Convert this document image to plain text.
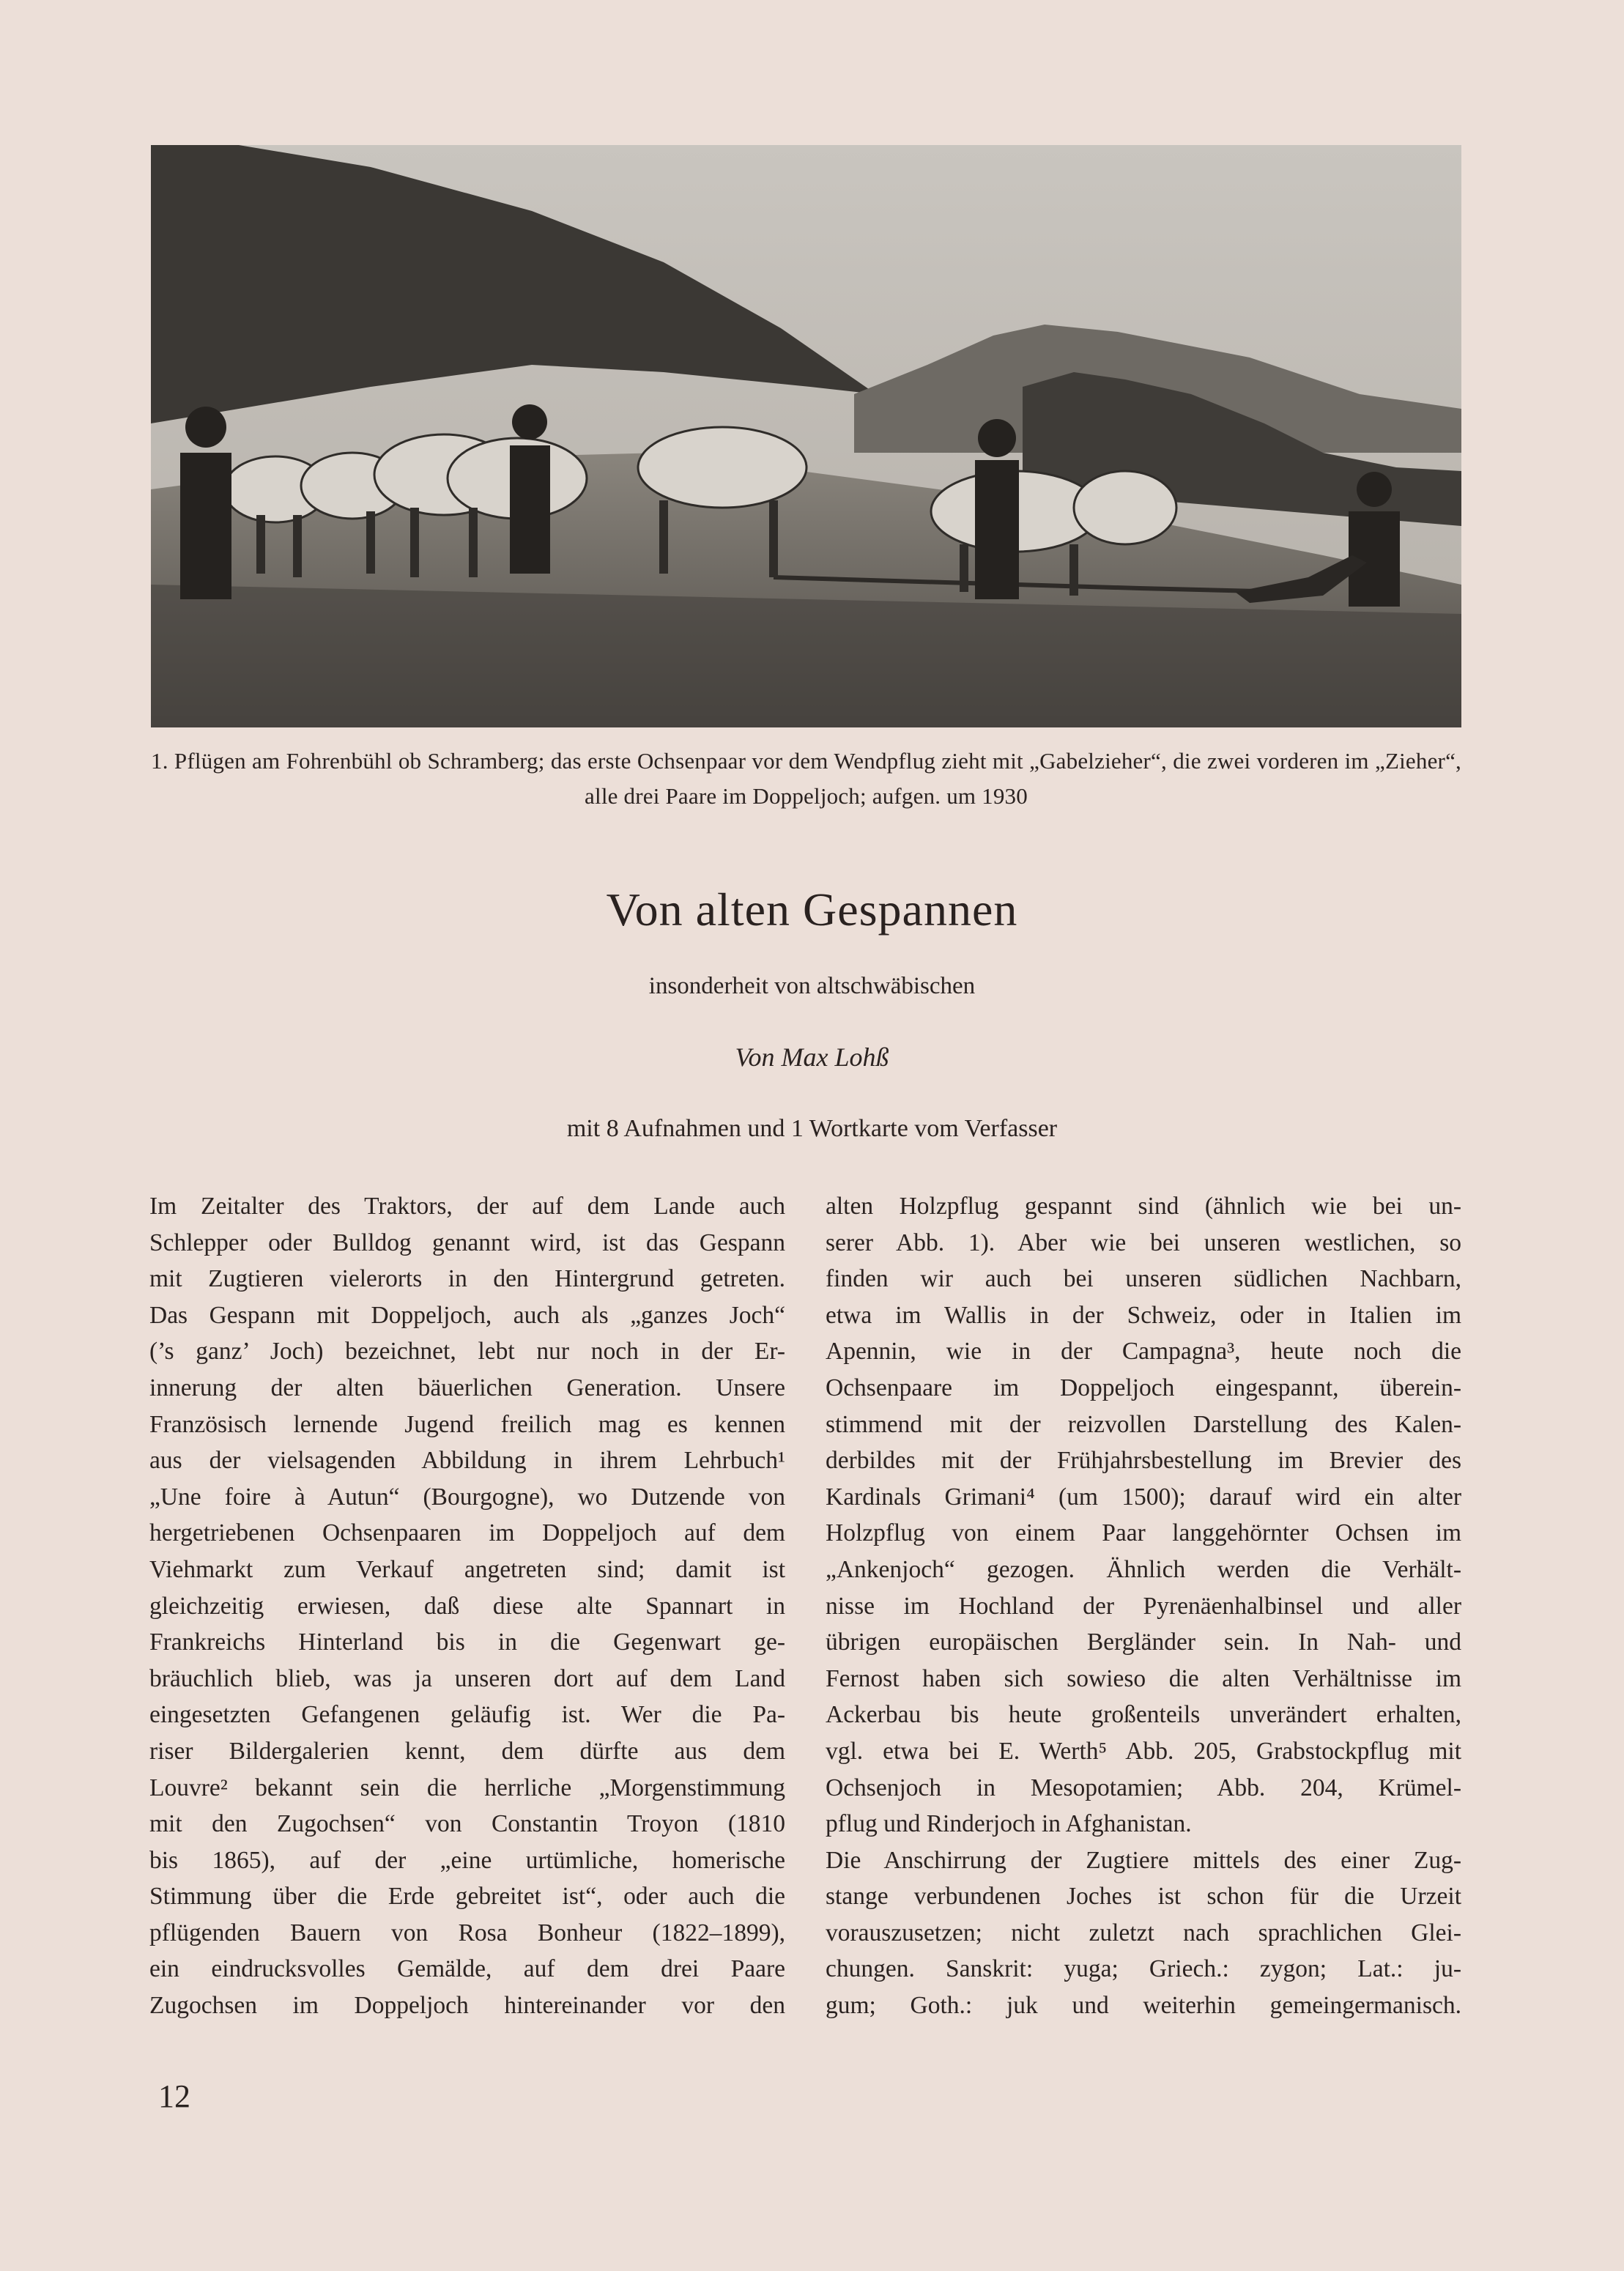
1. Pflügen am Fohrenbühl ob Schramberg; das erste Ochsenpaar vor dem Wendpflug zieht mit „Gabelzieher“, die zwei vorderen im „Zieher“, alle drei Paare im Doppeljoch; aufgen. um 1930
Von alten Gespannen
insonderheit von altschwäbischen
Von Max Lohß
mit 8 Aufnahmen und 1 Wortkarte vom Verfasser
Im Zeitalter des Traktors, der auf dem Lande auch
Schlepper oder Bulldog genannt wird, ist das Gespann
mit Zugtieren vielerorts in den Hintergrund getreten.
Das Gespann mit Doppeljoch, auch als „ganzes Joch“
(’s ganz’ Joch) bezeichnet, lebt nur noch in der Er-
innerung der alten bäuerlichen Generation. Unsere
Französisch lernende Jugend freilich mag es kennen
aus der vielsagenden Abbildung in ihrem Lehrbuch¹
„Une foire à Autun“ (Bourgogne), wo Dutzende von
hergetriebenen Ochsenpaaren im Doppeljoch auf dem
Viehmarkt zum Verkauf angetreten sind; damit ist
gleichzeitig erwiesen, daß diese alte Spannart in
Frankreichs Hinterland bis in die Gegenwart ge-
bräuchlich blieb, was ja unseren dort auf dem Land
eingesetzten Gefangenen geläufig ist. Wer die Pa-
riser Bildergalerien kennt, dem dürfte aus dem
Louvre² bekannt sein die herrliche „Morgenstimmung
mit den Zugochsen“ von Constantin Troyon (1810
bis 1865), auf der „eine urtümliche, homerische
Stimmung über die Erde gebreitet ist“, oder auch die
pflügenden Bauern von Rosa Bonheur (1822–1899),
ein eindrucksvolles Gemälde, auf dem drei Paare
Zugochsen im Doppeljoch hintereinander vor den
alten Holzpflug gespannt sind (ähnlich wie bei un-
serer Abb. 1). Aber wie bei unseren westlichen, so
finden wir auch bei unseren südlichen Nachbarn,
etwa im Wallis in der Schweiz, oder in Italien im
Apennin, wie in der Campagna³, heute noch die
Ochsenpaare im Doppeljoch eingespannt, überein-
stimmend mit der reizvollen Darstellung des Kalen-
derbildes mit der Frühjahrsbestellung im Brevier des
Kardinals Grimani⁴ (um 1500); darauf wird ein alter
Holzpflug von einem Paar langgehörnter Ochsen im
„Ankenjoch“ gezogen. Ähnlich werden die Verhält-
nisse im Hochland der Pyrenäenhalbinsel und aller
übrigen europäischen Bergländer sein. In Nah- und
Fernost haben sich sowieso die alten Verhältnisse im
Ackerbau bis heute großenteils unverändert erhalten,
vgl. etwa bei E. Werth⁵ Abb. 205, Grabstockpflug mit
Ochsenjoch in Mesopotamien; Abb. 204, Krümel-
pflug und Rinderjoch in Afghanistan.
Die Anschirrung der Zugtiere mittels des einer Zug-
stange verbundenen Joches ist schon für die Urzeit
vorauszusetzen; nicht zuletzt nach sprachlichen Glei-
chungen. Sanskrit: yuga; Griech.: zygon; Lat.: ju-
gum; Goth.: juk und weiterhin gemeingermanisch.
12
